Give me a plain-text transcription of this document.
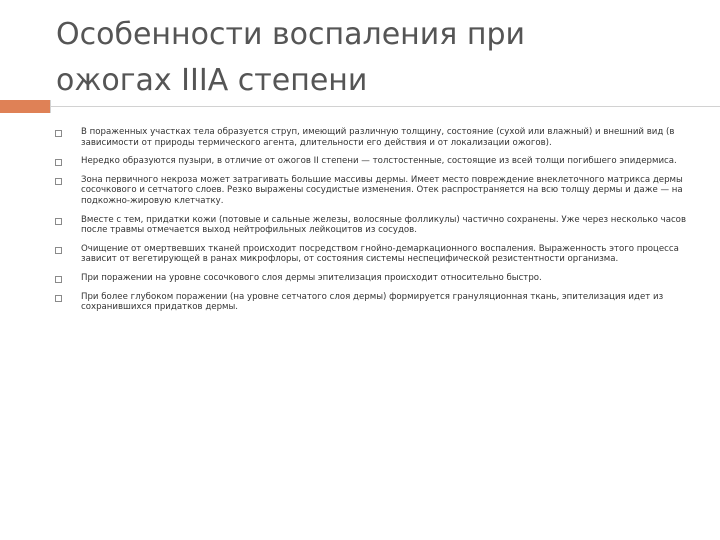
Особенности воспаления при
ожогах IIIА степени
В пораженных участках тела образуется струп, имеющий различную толщину, состояние (сухой или влажный) и внешний вид (в зависимости от природы термического агента, длительности его действия и от локализации ожогов).
Нередко образуются пузыри, в отличие от ожогов II степени — толстостенные, состоящие из всей толщи погибшего эпидермиса.
Зона первичного некроза может затрагивать большие массивы дермы. Имеет место повреждение внеклеточного матрикса дермы сосочкового и сетчатого слоев. Резко выражены сосудистые изменения. Отек распространяется на всю толщу дермы и даже — на подкожно-жировую клетчатку.
Вместе с тем, придатки кожи (потовые и сальные железы, волосяные фолликулы) частично сохранены. Уже через несколько часов после травмы отмечается выход нейтрофильных лейкоцитов из сосудов.
Очищение от омертвевших тканей происходит посредством гнойно-демаркационного воспаления. Выраженность этого процесса зависит от вегетирующей в ранах микрофлоры, от состояния системы неспецифической резистентности организма.
При поражении на уровне сосочкового слоя дермы эпителизация происходит относительно быстро.
При более глубоком поражении (на уровне сетчатого слоя дермы) формируется грануляционная ткань, эпителизация идет из сохранившихся придатков дермы.
